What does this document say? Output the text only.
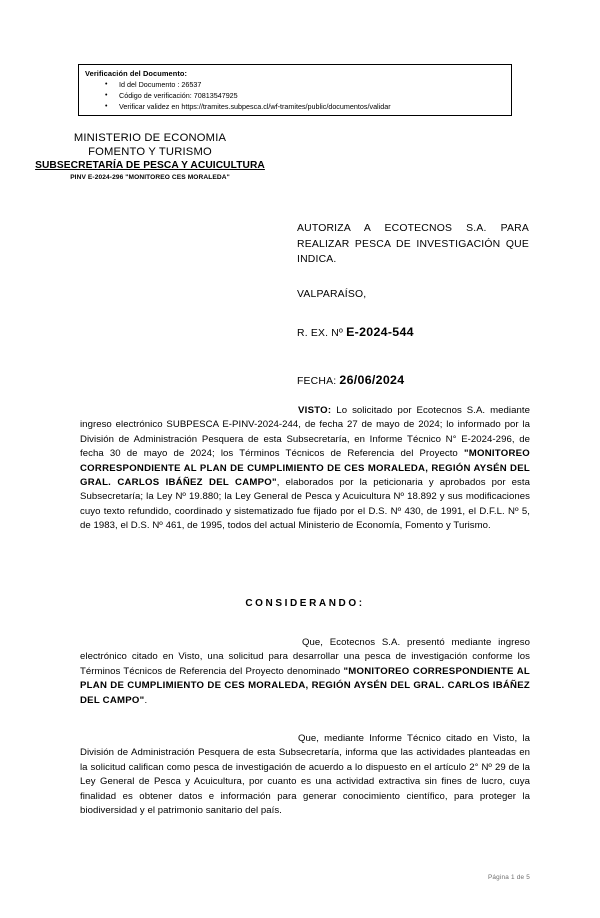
Verificación del Documento:
• Id del Documento : 26537
• Código de verificación: 70813547925
• Verificar validez en https://tramites.subpesca.cl/wf-tramites/public/documentos/validar
MINISTERIO DE ECONOMIA
FOMENTO Y TURISMO
SUBSECRETARÍA DE PESCA Y ACUICULTURA
PINV E-2024-296 "MONITOREO CES MORALEDA"
AUTORIZA A ECOTECNOS S.A. PARA REALIZAR PESCA DE INVESTIGACIÓN QUE INDICA.
VALPARAÍSO,
R. EX. Nº E-2024-544
FECHA: 26/06/2024

VISTO: Lo solicitado por Ecotecnos S.A. mediante ingreso electrónico SUBPESCA E-PINV-2024-244, de fecha 27 de mayo de 2024; lo informado por la División de Administración Pesquera de esta Subsecretaría, en Informe Técnico N° E-2024-296, de fecha 30 de mayo de 2024; los Términos Técnicos de Referencia del Proyecto "MONITOREO CORRESPONDIENTE AL PLAN DE CUMPLIMIENTO DE CES MORALEDA, REGIÓN AYSÉN DEL GRAL. CARLOS IBÁÑEZ DEL CAMPO", elaborados por la peticionaria y aprobados por esta Subsecretaría; la Ley Nº 19.880; la Ley General de Pesca y Acuicultura Nº 18.892 y sus modificaciones cuyo texto refundido, coordinado y sistematizado fue fijado por el D.S. Nº 430, de 1991, el D.F.L. Nº 5, de 1983, el D.S. Nº 461, de 1995, todos del actual Ministerio de Economía, Fomento y Turismo.

CONSIDERANDO:

Que, Ecotecnos S.A. presentó mediante ingreso electrónico citado en Visto, una solicitud para desarrollar una pesca de investigación conforme los Términos Técnicos de Referencia del Proyecto denominado "MONITOREO CORRESPONDIENTE AL PLAN DE CUMPLIMIENTO DE CES MORALEDA, REGIÓN AYSÉN DEL GRAL. CARLOS IBÁÑEZ DEL CAMPO".

Que, mediante Informe Técnico citado en Visto, la División de Administración Pesquera de esta Subsecretaría, informa que las actividades planteadas en la solicitud califican como pesca de investigación de acuerdo a lo dispuesto en el artículo 2° Nº 29 de la Ley General de Pesca y Acuicultura, por cuanto es una actividad extractiva sin fines de lucro, cuya finalidad es obtener datos e información para generar conocimiento científico, para proteger la biodiversidad y el patrimonio sanitario del país.

Página 1 de 5
